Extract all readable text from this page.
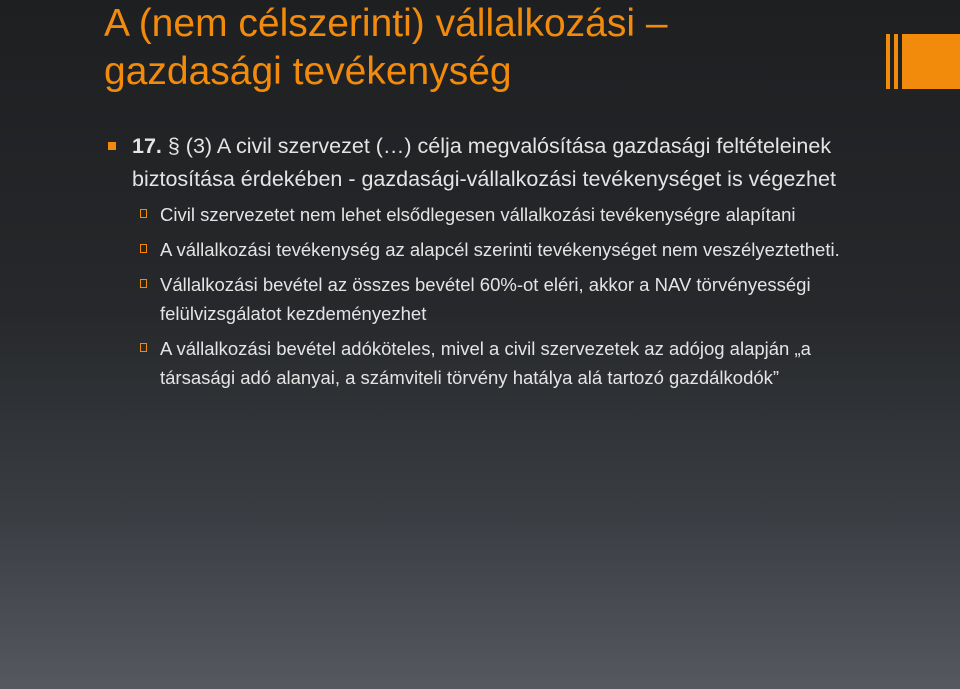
A (nem célszerinti) vállalkozási –
gazdasági tevékenység

17. § (3) A civil szervezet (…) célja megvalósítása gazdasági feltételeinek biztosítása érdekében - gazdasági-vállalkozási tevékenységet is végezhet

Civil szervezetet nem lehet elsődlegesen vállalkozási tevékenységre alapítani

A vállalkozási tevékenység az alapcél szerinti tevékenységet nem veszélyeztetheti.

Vállalkozási bevétel az összes bevétel 60%-ot eléri, akkor a NAV törvényességi felülvizsgálatot kezdeményezhet

A vállalkozási bevétel adóköteles, mivel a civil szervezetek az adójog alapján „a társasági adó alanyai, a számviteli törvény hatálya alá tartozó gazdálkodók”
